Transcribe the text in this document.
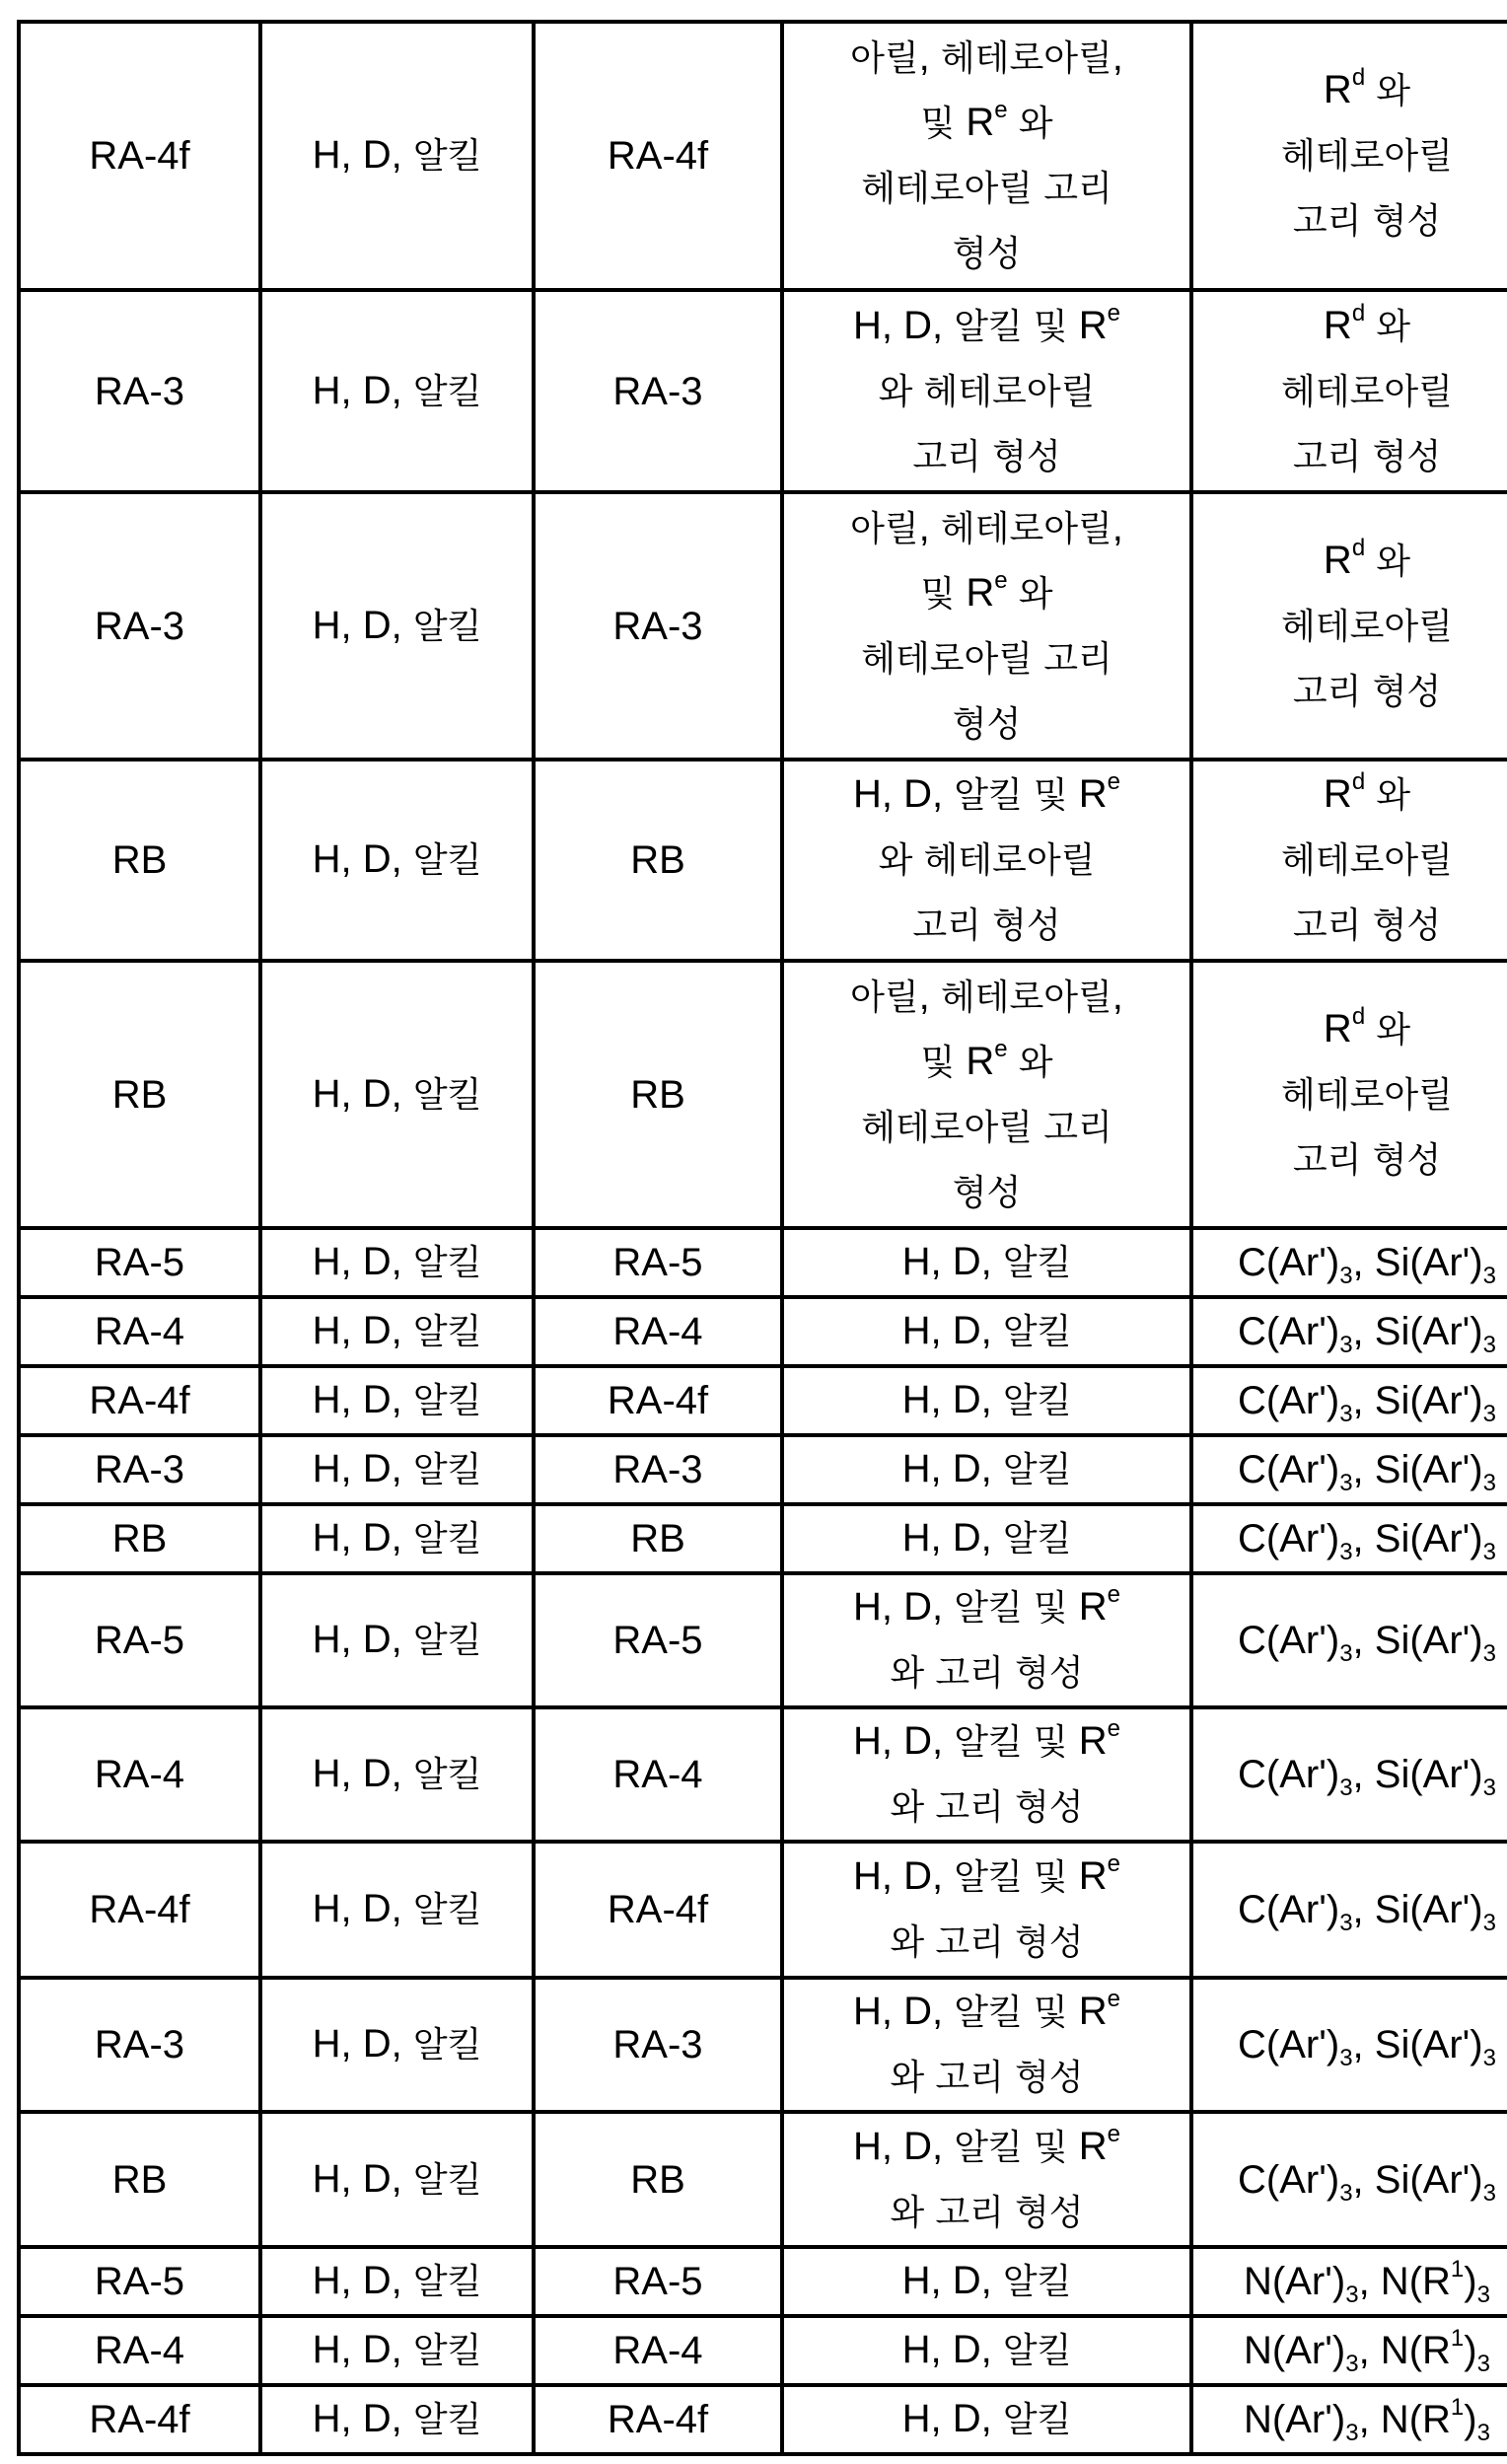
RA-4f	H, D, 알킬	RA-4f	아릴, 헤테로아릴,
및 $R^e$ 와
헤테로아릴 고리
형성	$R^d$ 와
헤테로아릴
고리 형성

RA-3	H, D, 알킬	RA-3	H, D, 알킬 및 $R^e$
와 헤테로아릴
고리 형성	$R^d$ 와
헤테로아릴
고리 형성

RA-3	H, D, 알킬	RA-3	아릴, 헤테로아릴,
및 $R^e$ 와
헤테로아릴 고리
형성	$R^d$ 와
헤테로아릴
고리 형성

RB	H, D, 알킬	RB	H, D, 알킬 및 $R^e$
와 헤테로아릴
고리 형성	$R^d$ 와
헤테로아릴
고리 형성

RB	H, D, 알킬	RB	아릴, 헤테로아릴,
및 $R^e$ 와
헤테로아릴 고리
형성	$R^d$ 와
헤테로아릴
고리 형성

RA-5	H, D, 알킬	RA-5	H, D, 알킬	$C(Ar')_3$, $Si(Ar')_3$

RA-4	H, D, 알킬	RA-4	H, D, 알킬	$C(Ar')_3$, $Si(Ar')_3$

RA-4f	H, D, 알킬	RA-4f	H, D, 알킬	$C(Ar')_3$, $Si(Ar')_3$

RA-3	H, D, 알킬	RA-3	H, D, 알킬	$C(Ar')_3$, $Si(Ar')_3$

RB	H, D, 알킬	RB	H, D, 알킬	$C(Ar')_3$, $Si(Ar')_3$

RA-5	H, D, 알킬	RA-5	H, D, 알킬 및 $R^e$
와 고리 형성	$C(Ar')_3$, $Si(Ar')_3$

RA-4	H, D, 알킬	RA-4	H, D, 알킬 및 $R^e$
와 고리 형성	$C(Ar')_3$, $Si(Ar')_3$

RA-4f	H, D, 알킬	RA-4f	H, D, 알킬 및 $R^e$
와 고리 형성	$C(Ar')_3$, $Si(Ar')_3$

RA-3	H, D, 알킬	RA-3	H, D, 알킬 및 $R^e$
와 고리 형성	$C(Ar')_3$, $Si(Ar')_3$

RB	H, D, 알킬	RB	H, D, 알킬 및 $R^e$
와 고리 형성	$C(Ar')_3$, $Si(Ar')_3$

RA-5	H, D, 알킬	RA-5	H, D, 알킬	$N(Ar')_3$, $N(R^1)_3$

RA-4	H, D, 알킬	RA-4	H, D, 알킬	$N(Ar')_3$, $N(R^1)_3$

RA-4f	H, D, 알킬	RA-4f	H, D, 알킬	$N(Ar')_3$, $N(R^1)_3$
